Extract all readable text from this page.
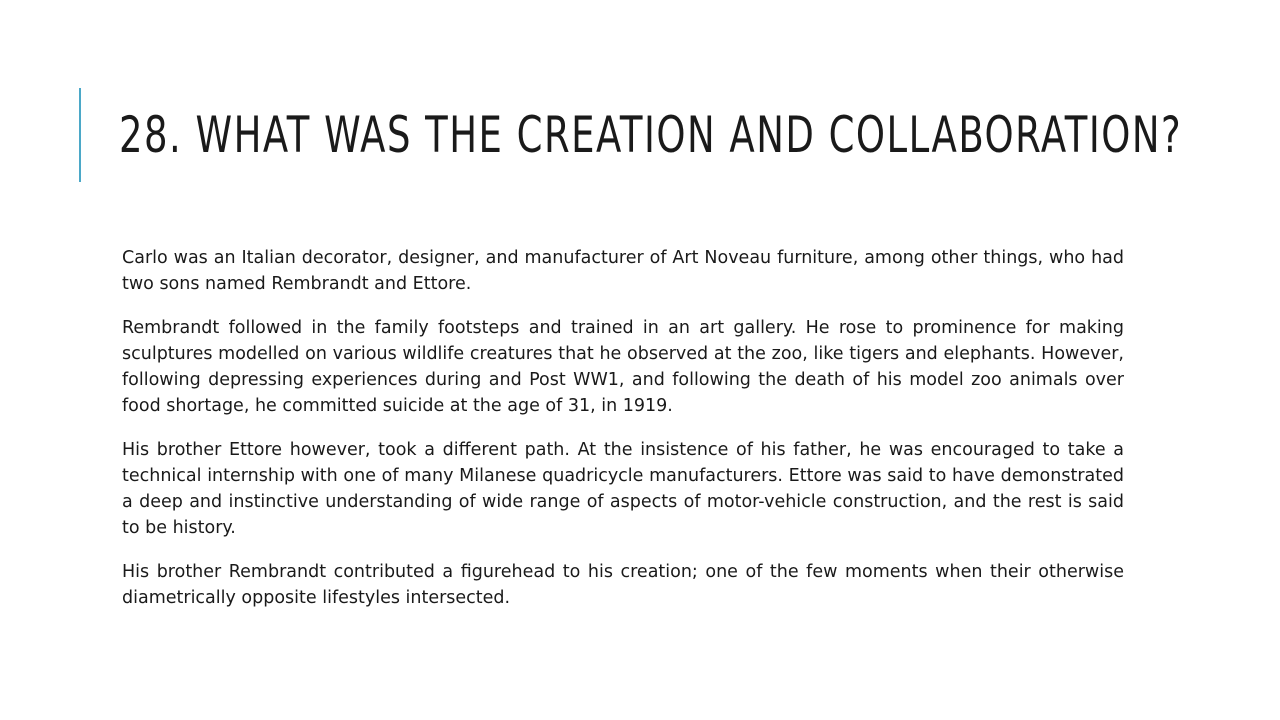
28. WHAT WAS THE CREATION AND COLLABORATION?

Carlo was an Italian decorator, designer, and manufacturer of Art Noveau furniture, among other things, who had two sons named Rembrandt and Ettore.

Rembrandt followed in the family footsteps and trained in an art gallery. He rose to prominence for making sculptures modelled on various wildlife creatures that he observed at the zoo, like tigers and elephants. However, following depressing experiences during and Post WW1, and following the death of his model zoo animals over food shortage, he committed suicide at the age of 31, in 1919.

His brother Ettore however, took a different path. At the insistence of his father, he was encouraged to take a technical internship with one of many Milanese quadricycle manufacturers. Ettore was said to have demonstrated a deep and instinctive understanding of wide range of aspects of motor-vehicle construction, and the rest is said to be history.

His brother Rembrandt contributed a figurehead to his creation; one of the few moments when their otherwise diametrically opposite lifestyles intersected.
